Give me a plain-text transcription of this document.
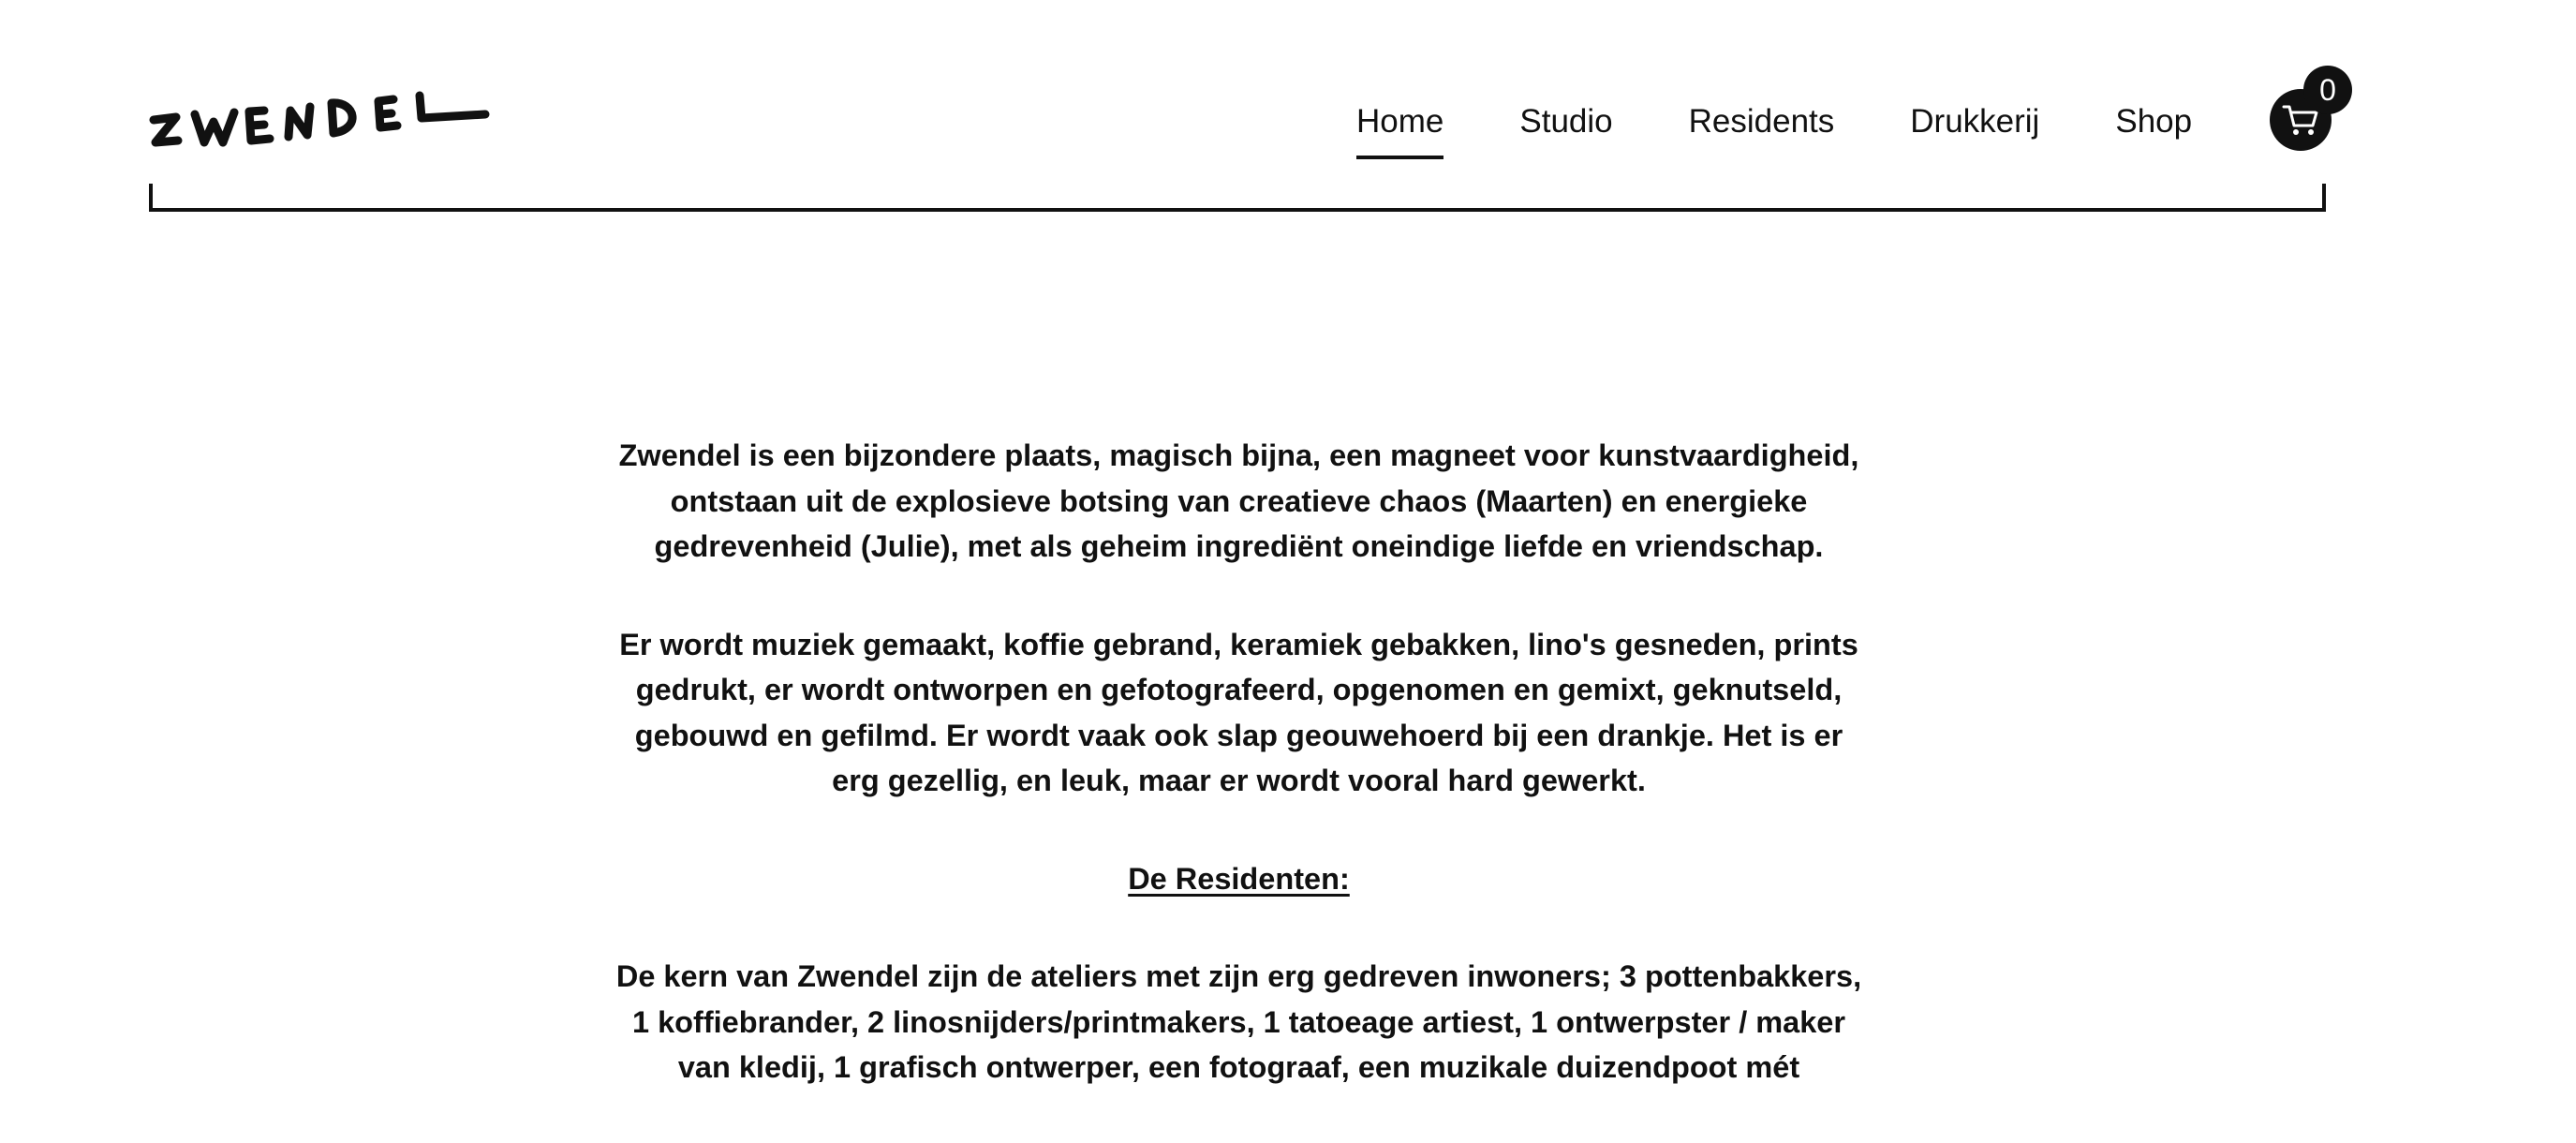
Home Studio Residents Drukkerij Shop
0

Zwendel is een bijzondere plaats, magisch bijna, een magneet voor kunstvaardigheid, ontstaan uit de explosieve botsing van creatieve chaos (Maarten) en energieke gedrevenheid (Julie), met als geheim ingrediënt oneindige liefde en vriendschap.

Er wordt muziek gemaakt, koffie gebrand, keramiek gebakken, lino's gesneden, prints gedrukt, er wordt ontworpen en gefotografeerd, opgenomen en gemixt, geknutseld, gebouwd en gefilmd. Er wordt vaak ook slap geouwehoerd bij een drankje. Het is er erg gezellig, en leuk, maar er wordt vooral hard gewerkt.

De Residenten:

De kern van Zwendel zijn de ateliers met zijn erg gedreven inwoners; 3 pottenbakkers, 1 koffiebrander, 2 linosnijders/printmakers, 1 tatoeage artiest, 1 ontwerpster / maker van kledij, 1 grafisch ontwerper, een fotograaf, een muzikale duizendpoot mét
